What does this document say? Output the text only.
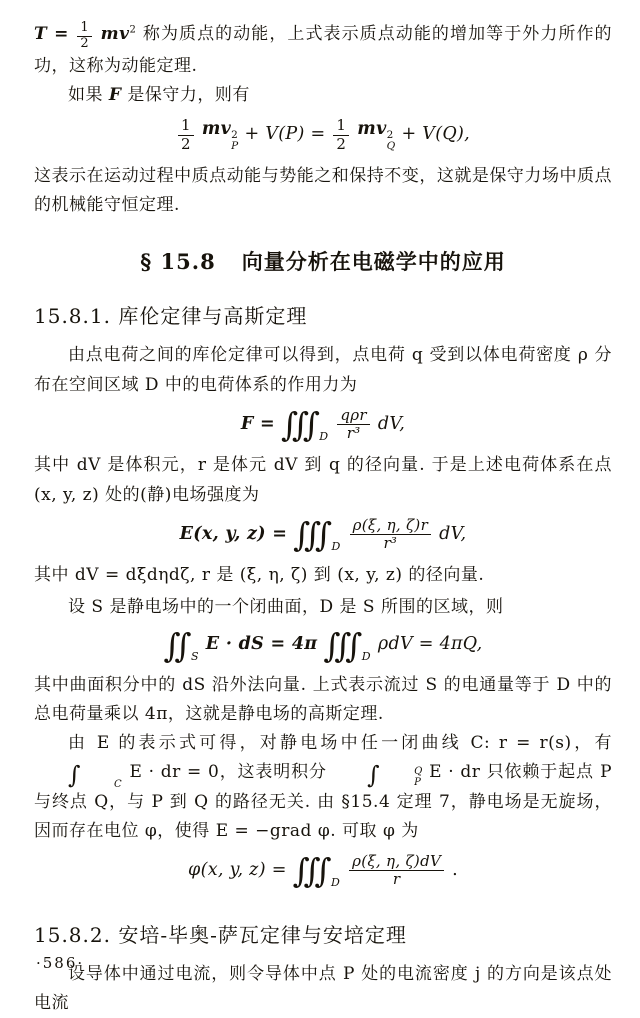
$T = \frac{1}{2} mv^2$ 称为质点的动能，上式表示质点动能的增加等于外力所作的功，这称为动能定理.

如果 F 是保守力，则有

$\frac{1}{2}$ mv 2
P
+ $V(P) = \frac{1}{2}$ mv 2
Q
+ V(Q),

这表示在运动过程中质点动能与势能之和保持不变，这就是保守力场中质点的机械能守恒定理.

§ 15.8 向量分析在电磁学中的应用
15.8.1. 库伦定律与高斯定理

由点电荷之间的库伦定律可以得到，点电荷 q 受到以体电荷密度 ρ 分布在空间区域 D 中的电荷体系的作用力为

F = ∭ D $\frac{\text{qρr}}{\text{r³}}$ dV,

其中 dV 是体积元，r 是体元 dV 到 q 的径向量. 于是上述电荷体系在点 (x, y, z) 处的(静)电场强度为

E(x, y, z) = ∭ D $\frac{\rho(\xi, \eta, \zeta)r}{\text{r³}}$ dV,

其中 dV = dξdηdζ, r 是 (ξ, η, ζ) 到 (x, y, z) 的径向量.

设 S 是静电场中的一个闭曲面，D 是 S 所围的区域，则

∬ S
E · dS = 4π ∭ D
ρdV = 4πQ,

其中曲面积分中的 dS 沿外法向量. 上式表示流过 S 的电通量等于 D 中的总电荷量乘以 4π，这就是静电场的高斯定理.

由 E 的表示式可得，对静电场中任一闭曲线 C: r = r(s)，有
∫	C
E · dr = 0，这表明积分	∫	Q
P
E · dr 只依赖于起点 P 与终点 Q，与 P 到 Q 的路径无关. 由 §15.4 定理 7，静电场是无旋场，因而存在电位 φ，使得 E = −grad φ. 可取 φ 为

φ(x, y, z) = ∭ D $\frac{\rho(\xi, \eta, \zeta)dV}{r}$ .
15.8.2. 安培-毕奥-萨瓦定律与安培定理

设导体中通过电流，则令导体中点 P 处的电流密度 j 的方向是该点处电流

·586·
